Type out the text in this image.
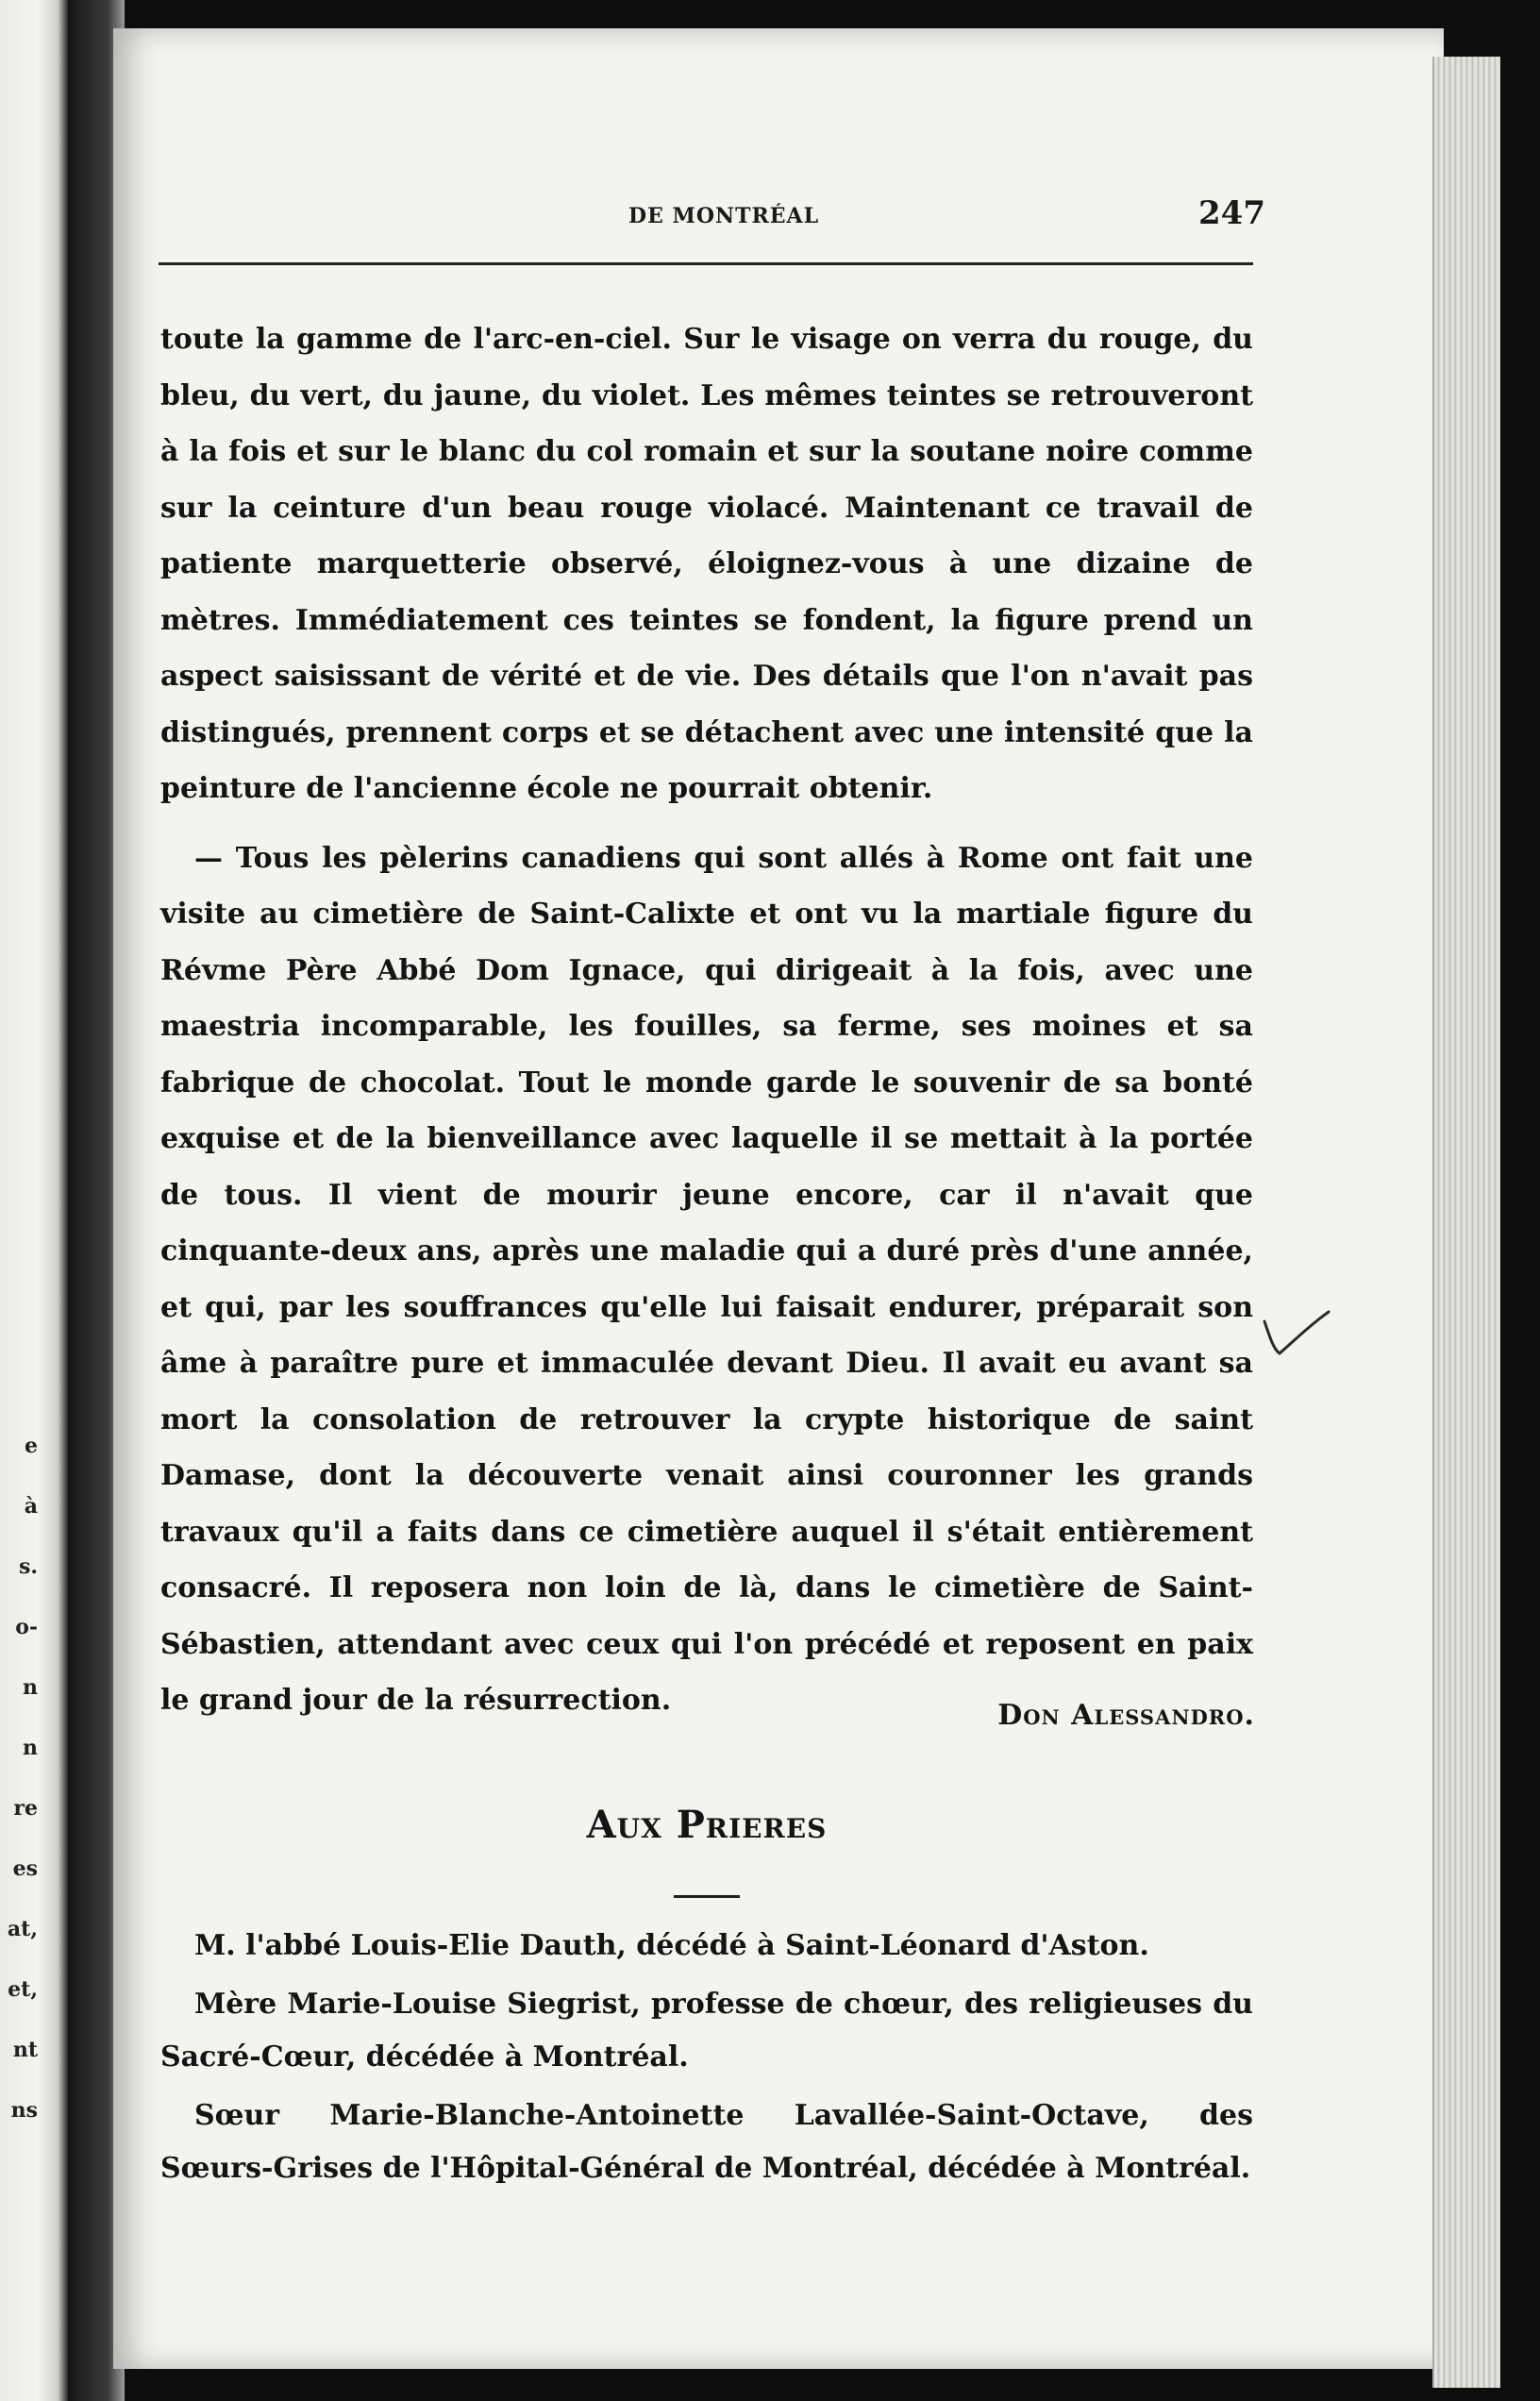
e
à
s.
o-
n
n
re
es
at,
et,
nt
ns
DE MONTRÉAL	247

toute la gamme de l'arc-en-ciel. Sur le visage on verra du rouge, du bleu, du vert, du jaune, du violet. Les mêmes teintes se retrouveront à la fois et sur le blanc du col romain et sur la soutane noire comme sur la ceinture d'un beau rouge violacé. Maintenant ce travail de patiente marquetterie observé, éloignez-vous à une dizaine de mètres. Immédiatement ces teintes se fondent, la figure prend un aspect saisissant de vérité et de vie. Des détails que l'on n'avait pas distingués, prennent corps et se détachent avec une intensité que la peinture de l'ancienne école ne pourrait obtenir.

— Tous les pèlerins canadiens qui sont allés à Rome ont fait une visite au cimetière de Saint-Calixte et ont vu la martiale figure du Révme Père Abbé Dom Ignace, qui dirigeait à la fois, avec une maestria incomparable, les fouilles, sa ferme, ses moines et sa fabrique de chocolat. Tout le monde garde le souvenir de sa bonté exquise et de la bienveillance avec laquelle il se mettait à la portée de tous. Il vient de mourir jeune encore, car il n'avait que cinquante-deux ans, après une maladie qui a duré près d'une année, et qui, par les souffrances qu'elle lui faisait endurer, préparait son âme à paraître pure et immaculée devant Dieu. Il avait eu avant sa mort la consolation de retrouver la crypte historique de saint Damase, dont la découverte venait ainsi couronner les grands travaux qu'il a faits dans ce cimetière auquel il s'était entièrement consacré. Il reposera non loin de là, dans le cimetière de Saint-Sébastien, attendant avec ceux qui l'on précédé et reposent en paix le grand jour de la résurrection.	Don Alessandro.
Aux Prieres

M. l'abbé Louis-Elie Dauth, décédé à Saint-Léonard d'Aston.

Mère Marie-Louise Siegrist, professe de chœur, des religieuses du Sacré-Cœur, décédée à Montréal.

Sœur Marie-Blanche-Antoinette Lavallée-Saint-Octave, des Sœurs-Grises de l'Hôpital-Général de Montréal, décédée à Montréal.
